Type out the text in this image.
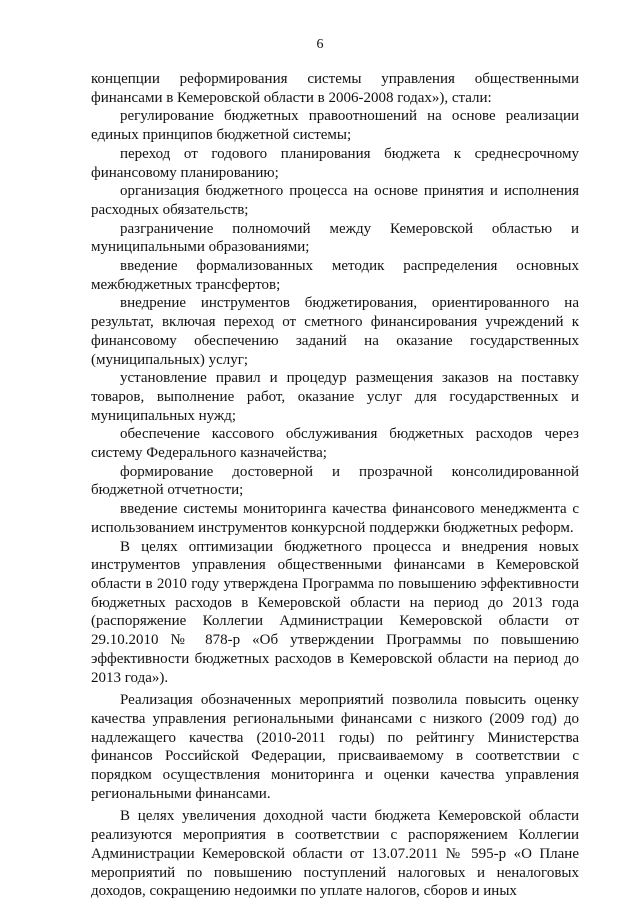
6

концепции реформирования системы управления общественными финансами в Кемеровской области в 2006-2008 годах»), стали:

регулирование бюджетных правоотношений на основе реализации единых принципов бюджетной системы;

переход от годового планирования бюджета к среднесрочному финансовому планированию;

организация бюджетного процесса на основе принятия и исполнения расходных обязательств;

разграничение полномочий между Кемеровской областью и муниципальными образованиями;

введение формализованных методик распределения основных межбюджетных трансфертов;

внедрение инструментов бюджетирования, ориентированного на результат, включая переход от сметного финансирования учреждений к финансовому обеспечению заданий на оказание государственных (муниципальных) услуг;

установление правил и процедур размещения заказов на поставку товаров, выполнение работ, оказание услуг для государственных и муниципальных нужд;

обеспечение кассового обслуживания бюджетных расходов через систему Федерального казначейства;

формирование достоверной и прозрачной консолидированной бюджетной отчетности;

введение системы мониторинга качества финансового менеджмента с использованием инструментов конкурсной поддержки бюджетных реформ.

В целях оптимизации бюджетного процесса и внедрения новых инструментов управления общественными финансами в Кемеровской области в 2010 году утверждена Программа по повышению эффективности бюджетных расходов в Кемеровской области на период до 2013 года (распоряжение Коллегии Администрации Кемеровской области от 29.10.2010 № 878-р «Об утверждении Программы по повышению эффективности бюджетных расходов в Кемеровской области на период до 2013 года»).

Реализация обозначенных мероприятий позволила повысить оценку качества управления региональными финансами с низкого (2009 год) до надлежащего качества (2010-2011 годы) по рейтингу Министерства финансов Российской Федерации, присваиваемому в соответствии с порядком осуществления мониторинга и оценки качества управления региональными финансами.

В целях увеличения доходной части бюджета Кемеровской области реализуются мероприятия в соответствии с распоряжением Коллегии Администрации Кемеровской области от 13.07.2011 № 595-р «О Плане мероприятий по повышению поступлений налоговых и неналоговых доходов, сокращению недоимки по уплате налогов, сборов и иных
